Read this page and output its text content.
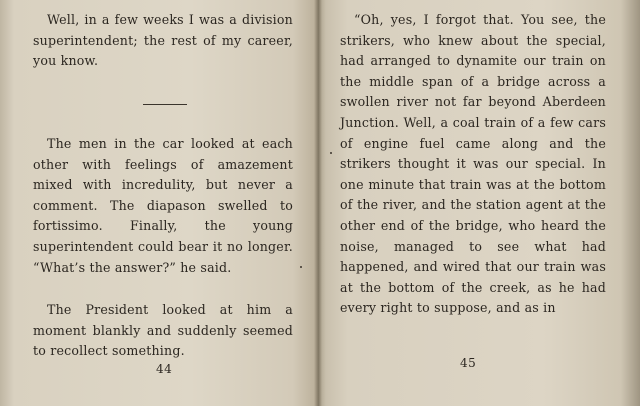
Well, in a few weeks I was a division superintendent; the rest of my career, you know.

The men in the car looked at each other with feelings of amazement mixed with incredulity, but never a comment. The diapason swelled to fortissimo. Finally, the young superintendent could bear it no longer. “What’s the answer?” he said.

The President looked at him a moment blankly and suddenly seemed to recollect something.

44

“Oh, yes, I forgot that. You see, the strikers, who knew about the special, had arranged to dynamite our train on the middle span of a bridge across a swollen river not far beyond Aberdeen Junction. Well, a coal train of a few cars of engine fuel came along and the strikers thought it was our special. In one minute that train was at the bottom of the river, and the station agent at the other end of the bridge, who heard the noise, managed to see what had happened, and wired that our train was at the bottom of the creek, as he had every right to suppose, and as in

45
